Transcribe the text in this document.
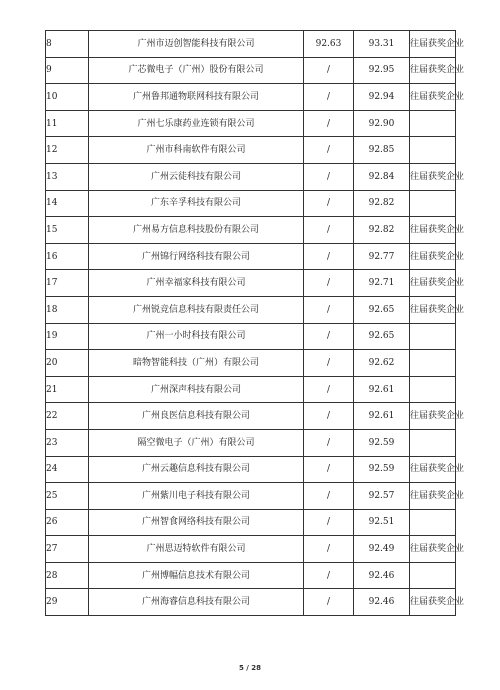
8	广州市迈创智能科技有限公司	92.63	93.31	往届获奖企业
9	广芯微电子（广州）股份有限公司	/	92.95	往届获奖企业
10	广州鲁邦通物联网科技有限公司	/	92.94	往届获奖企业
11	广州七乐康药业连锁有限公司	/	92.90	
12	广州市科南软件有限公司	/	92.85	
13	广州云徒科技有限公司	/	92.84	往届获奖企业
14	广东辛孚科技有限公司	/	92.82	
15	广州易方信息科技股份有限公司	/	92.82	往届获奖企业
16	广州锦行网络科技有限公司	/	92.77	往届获奖企业
17	广州幸福家科技有限公司	/	92.71	往届获奖企业
18	广州锐竞信息科技有限责任公司	/	92.65	往届获奖企业
19	广州一小时科技有限公司	/	92.65	
20	暗物智能科技（广州）有限公司	/	92.62	
21	广州深声科技有限公司	/	92.61	
22	广州良医信息科技有限公司	/	92.61	往届获奖企业
23	隔空微电子（广州）有限公司	/	92.59	
24	广州云趣信息科技有限公司	/	92.59	往届获奖企业
25	广州紫川电子科技有限公司	/	92.57	往届获奖企业
26	广州智食网络科技有限公司	/	92.51	
27	广州思迈特软件有限公司	/	92.49	往届获奖企业
28	广州博幅信息技术有限公司	/	92.46	
29	广州海睿信息科技有限公司	/	92.46	往届获奖企业
5 / 28
